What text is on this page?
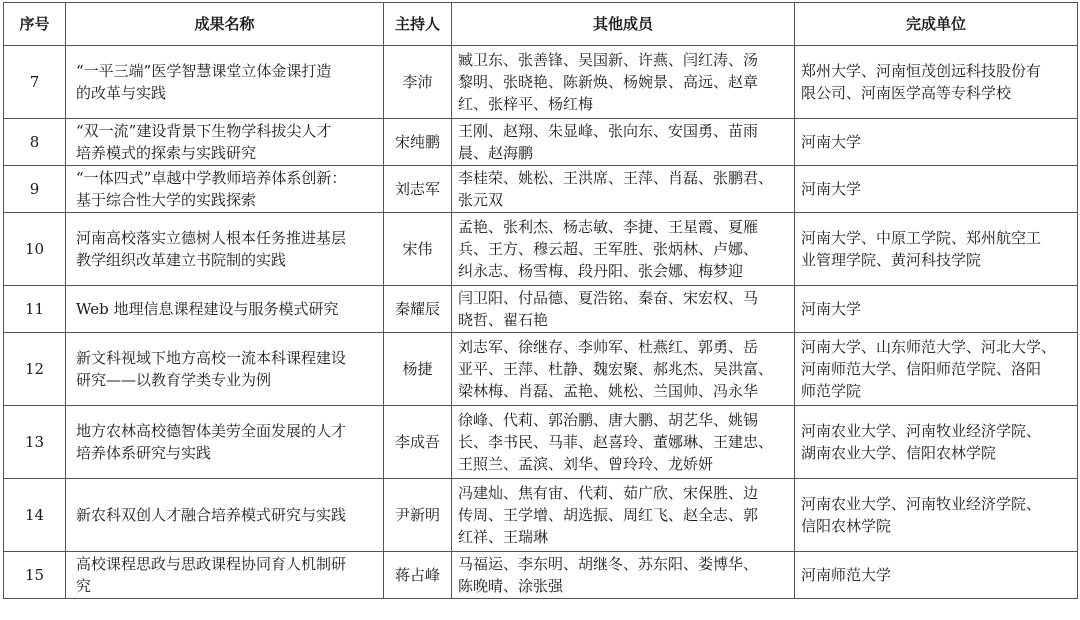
序号	成果名称	主持人	其他成员	完成单位
7	“一平三端”医学智慧课堂立体金课打造
的改革与实践	李沛	臧卫东、张善锋、吴国新、许燕、闫红涛、汤
黎明、张晓艳、陈新焕、杨婉景、高远、赵章
红、张梓平、杨红梅	郑州大学、河南恒茂创远科技股份有
限公司、河南医学高等专科学校
8	“双一流”建设背景下生物学科拔尖人才
培养模式的探索与实践研究	宋纯鹏	王刚、赵翔、朱显峰、张向东、安国勇、苗雨
晨、赵海鹏	河南大学
9	“一体四式”卓越中学教师培养体系创新：
基于综合性大学的实践探索	刘志军	李桂荣、姚松、王洪席、王萍、肖磊、张鹏君、
张元双	河南大学
10	河南高校落实立德树人根本任务推进基层
教学组织改革建立书院制的实践	宋伟	孟艳、张利杰、杨志敏、李捷、王星霞、夏雁
兵、王方、穆云超、王军胜、张炳林、卢娜、
纠永志、杨雪梅、段丹阳、张会娜、梅梦迎	河南大学、中原工学院、郑州航空工
业管理学院、黄河科技学院
11	Web 地理信息课程建设与服务模式研究	秦耀辰	闫卫阳、付品德、夏浩铭、秦奋、宋宏权、马
晓哲、翟石艳	河南大学
12	新文科视域下地方高校一流本科课程建设
研究——以教育学类专业为例	杨捷	刘志军、徐继存、李帅军、杜燕红、郭勇、岳
亚平、王萍、杜静、魏宏聚、郝兆杰、吴洪富、
梁林梅、肖磊、孟艳、姚松、兰国帅、冯永华	河南大学、山东师范大学、河北大学、
河南师范大学、信阳师范学院、洛阳
师范学院
13	地方农林高校德智体美劳全面发展的人才
培养体系研究与实践	李成吾	徐峰、代莉、郭治鹏、唐大鹏、胡艺华、姚锡
长、李书民、马菲、赵喜玲、董娜琳、王建忠、
王照兰、孟滨、刘华、曾玲玲、龙娇妍	河南农业大学、河南牧业经济学院、
湖南农业大学、信阳农林学院
14	新农科双创人才融合培养模式研究与实践	尹新明	冯建灿、焦有宙、代莉、茹广欣、宋保胜、边
传周、王学增、胡选振、周红飞、赵全志、郭
红祥、王瑞琳	河南农业大学、河南牧业经济学院、
信阳农林学院
15	高校课程思政与思政课程协同育人机制研
究	蒋占峰	马福运、李东明、胡继冬、苏东阳、娄博华、
陈晚晴、涂张强	河南师范大学
